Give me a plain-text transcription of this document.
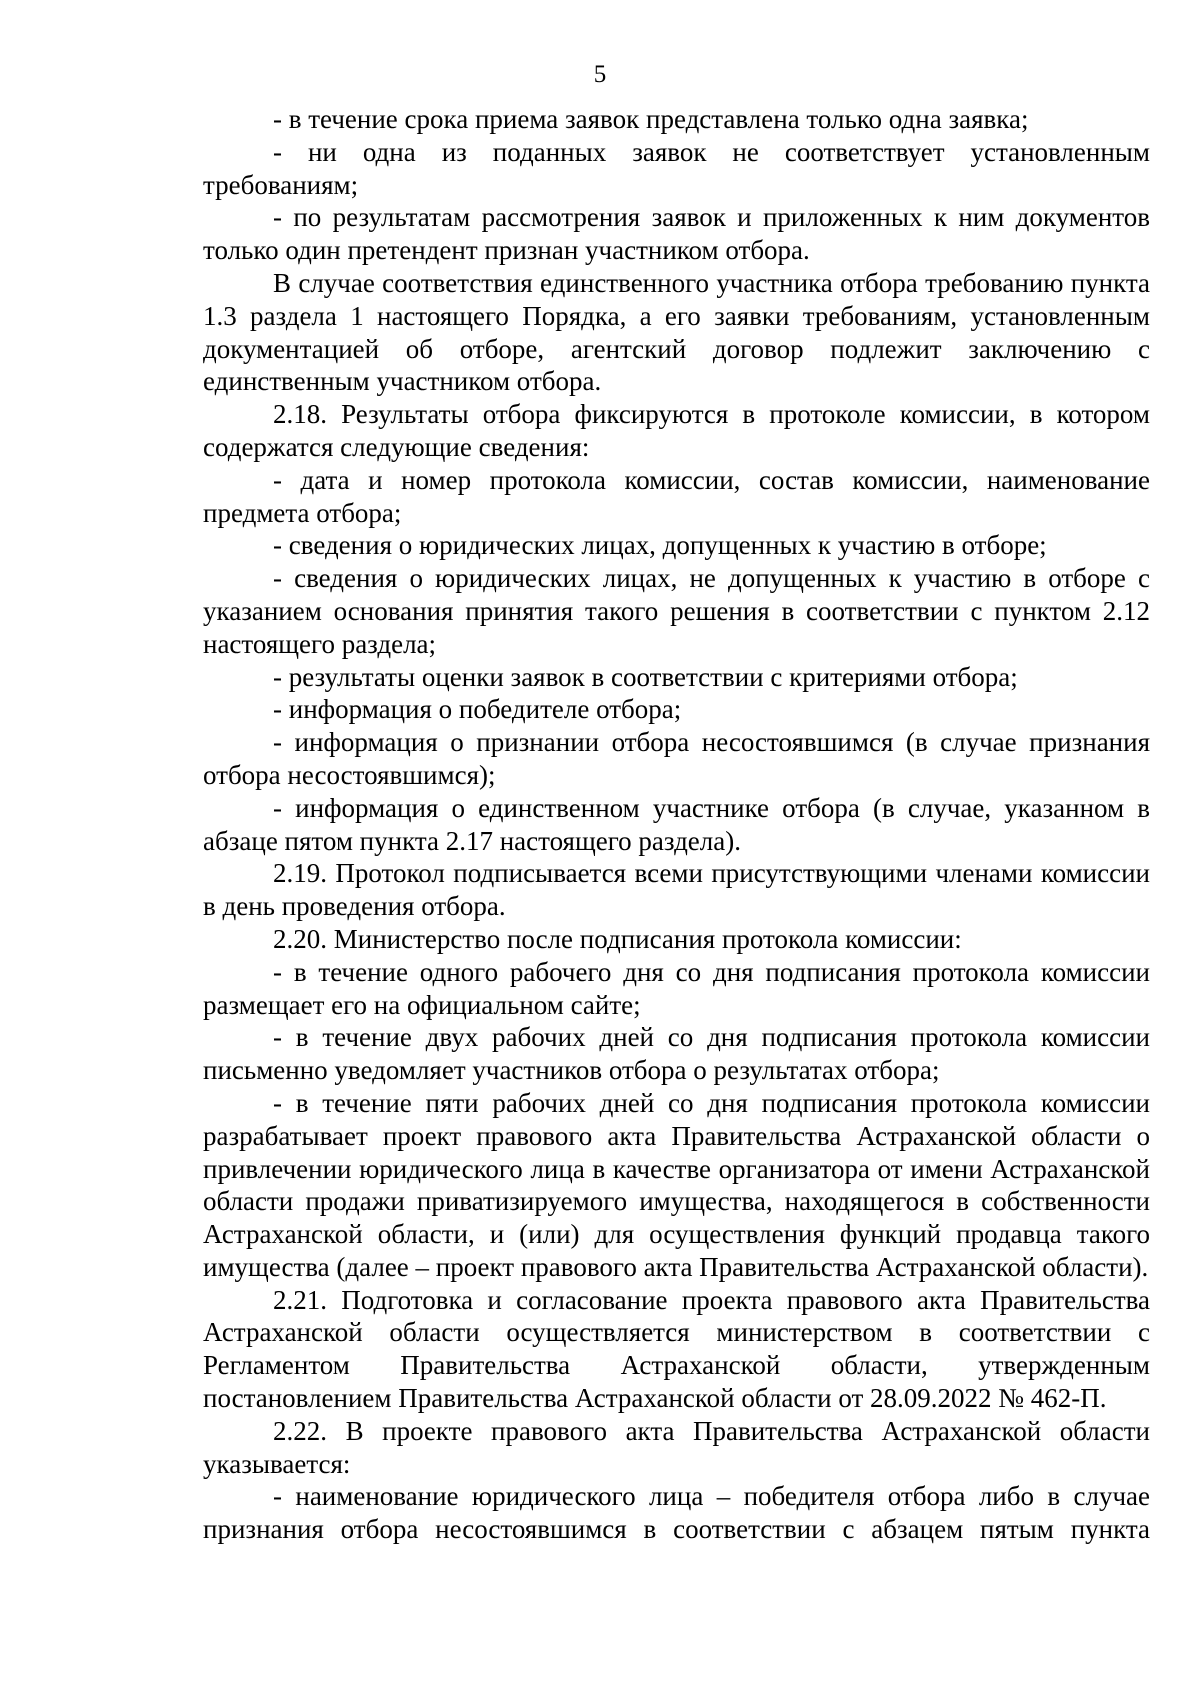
5

- в течение срока приема заявок представлена только одна заявка;

- ни одна из поданных заявок не соответствует установленным требованиям;

- по результатам рассмотрения заявок и приложенных к ним документов только один претендент признан участником отбора.

В случае соответствия единственного участника отбора требованию пункта 1.3 раздела 1 настоящего Порядка, а его заявки требованиям, установленным документацией об отборе, агентский договор подлежит заключению с единственным участником отбора.

2.18. Результаты отбора фиксируются в протоколе комиссии, в котором содержатся следующие сведения:

- дата и номер протокола комиссии, состав комиссии, наименование предмета отбора;

- сведения о юридических лицах, допущенных к участию в отборе;

- сведения о юридических лицах, не допущенных к участию в отборе с указанием основания принятия такого решения в соответствии с пунктом 2.12 настоящего раздела;

- результаты оценки заявок в соответствии с критериями отбора;

- информация о победителе отбора;

- информация о признании отбора несостоявшимся (в случае признания отбора несостоявшимся);

- информация о единственном участнике отбора (в случае, указанном в абзаце пятом пункта 2.17 настоящего раздела).

2.19. Протокол подписывается всеми присутствующими членами комиссии в день проведения отбора.

2.20. Министерство после подписания протокола комиссии:

- в течение одного рабочего дня со дня подписания протокола комиссии размещает его на официальном сайте;

- в течение двух рабочих дней со дня подписания протокола комиссии письменно уведомляет участников отбора о результатах отбора;

- в течение пяти рабочих дней со дня подписания протокола комиссии разрабатывает проект правового акта Правительства Астраханской области о привлечении юридического лица в качестве организатора от имени Астраханской области продажи приватизируемого имущества, находящегося в собственности Астраханской области, и (или) для осуществления функций продавца такого имущества (далее – проект правового акта Правительства Астраханской области).

2.21. Подготовка и согласование проекта правового акта Правительства Астраханской области осуществляется министерством в соответствии с Регламентом Правительства Астраханской области, утвержденным постановлением Правительства Астраханской области от 28.09.2022 № 462-П.

2.22. В проекте правового акта Правительства Астраханской области указывается:

- наименование юридического лица – победителя отбора либо в случае признания отбора несостоявшимся в соответствии с абзацем пятым пункта
